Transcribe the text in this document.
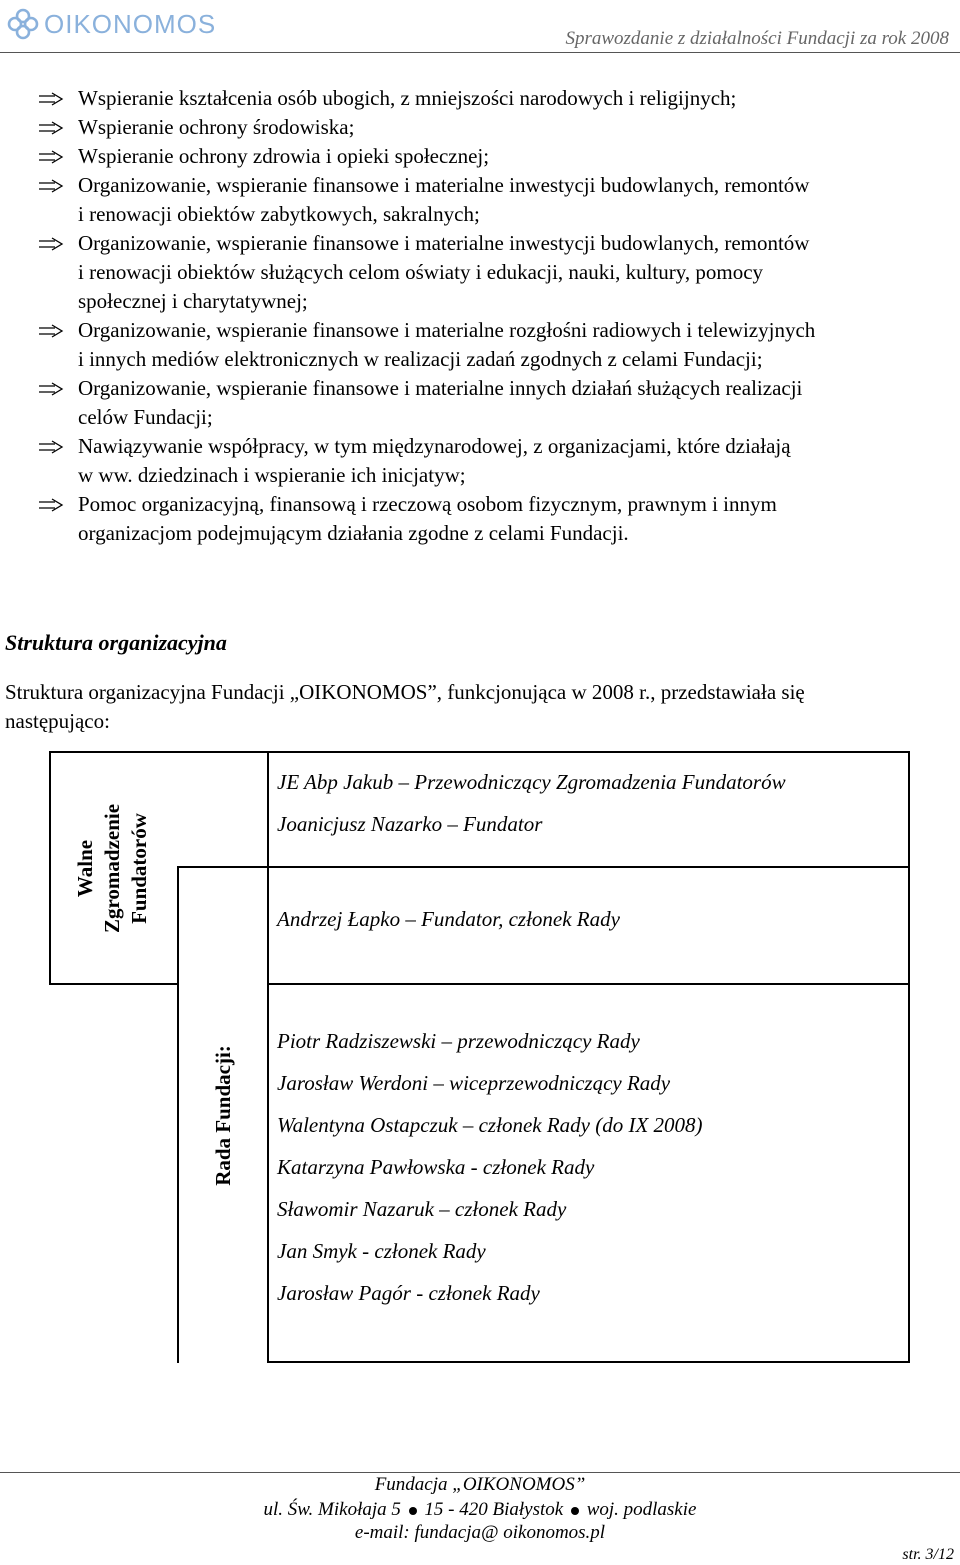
OIKONOMOS	Sprawozdanie z działalności Fundacji za rok 2008
Wspieranie kształcenia osób ubogich, z mniejszości narodowych i religijnych;
Wspieranie ochrony środowiska;
Wspieranie ochrony zdrowia i opieki społecznej;
Organizowanie, wspieranie finansowe i materialne inwestycji budowlanych, remontów
i renowacji obiektów zabytkowych, sakralnych;
Organizowanie, wspieranie finansowe i materialne inwestycji budowlanych, remontów
i renowacji obiektów służących celom oświaty i edukacji, nauki, kultury, pomocy
społecznej i charytatywnej;
Organizowanie, wspieranie finansowe i materialne rozgłośni radiowych i telewizyjnych
i innych mediów elektronicznych w realizacji zadań zgodnych z celami Fundacji;
Organizowanie, wspieranie finansowe i materialne innych działań służących realizacji
celów Fundacji;
Nawiązywanie współpracy, w tym międzynarodowej, z organizacjami, które działają
w ww. dziedzinach i wspieranie ich inicjatyw;
Pomoc organizacyjną, finansową i rzeczową osobom fizycznym, prawnym i innym
organizacjom podejmującym działania zgodne z celami Fundacji.
Struktura organizacyjna
Struktura organizacyjna Fundacji „OIKONOMOS”, funkcjonująca w 2008 r., przedstawiała się
następująco:
Walne Zgromadzenie Fundatorów
Rada Fundacji:
JE Abp Jakub – Przewodniczący Zgromadzenia Fundatorów
Joanicjusz Nazarko – Fundator
Andrzej Łapko – Fundator, członek Rady
Piotr Radziszewski – przewodniczący Rady
Jarosław Werdoni – wiceprzewodniczący Rady
Walentyna Ostapczuk – członek Rady (do IX 2008)
Katarzyna Pawłowska - członek Rady
Sławomir Nazaruk – członek Rady
Jan Smyk - członek Rady
Jarosław Pagór - członek Rady
Fundacja „OIKONOMOS”
ul. Św. Mikołaja 5 15 - 420 Białystok woj. podlaskie
e-mail: fundacja@ oikonomos.pl
str. 3/12
